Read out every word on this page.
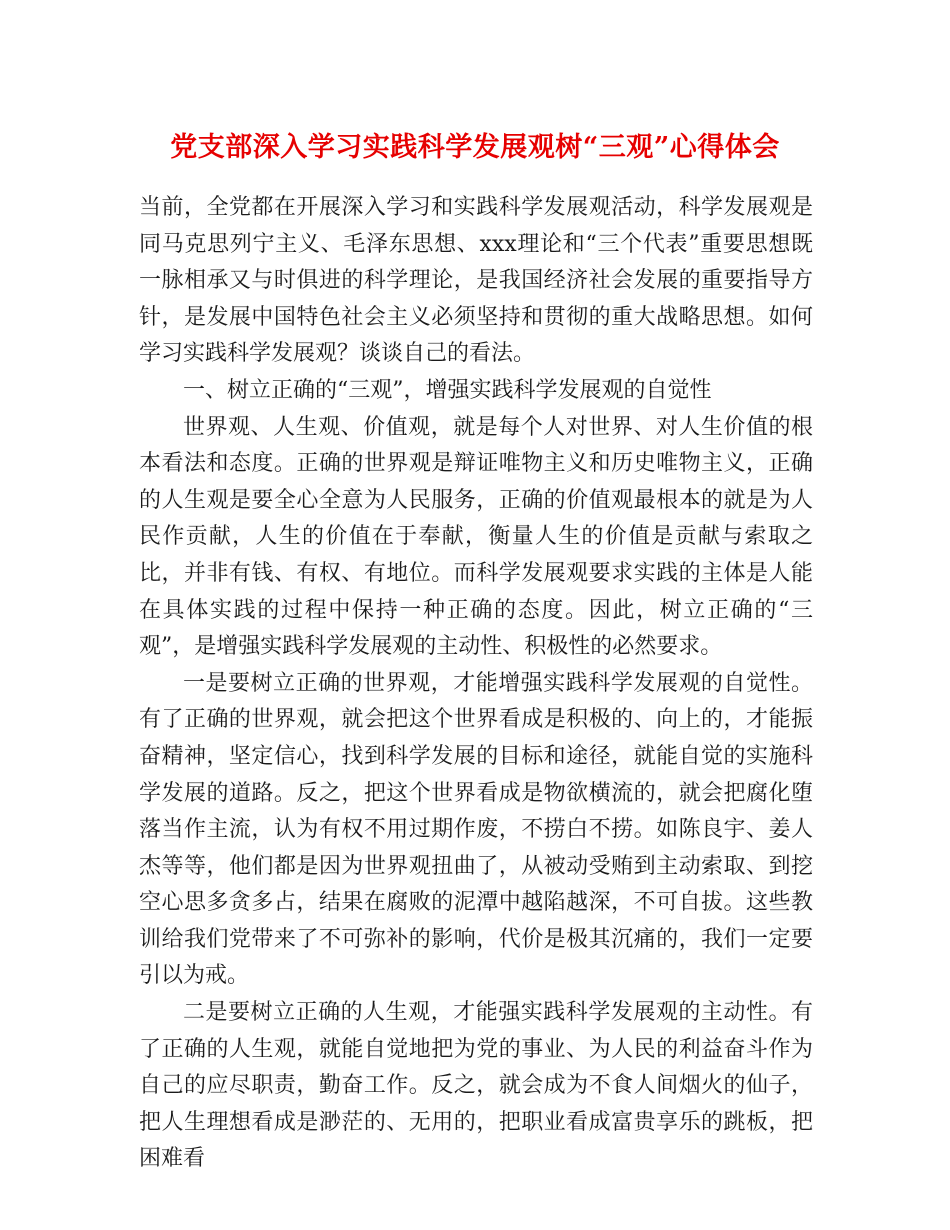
党支部深入学习实践科学发展观树“三观”心得体会

当前，全党都在开展深入学习和实践科学发展观活动，科学发展观是同马克思列宁主义、毛泽东思想、xxx理论和“三个代表”重要思想既一脉相承又与时俱进的科学理论，是我国经济社会发展的重要指导方针，是发展中国特色社会主义必须坚持和贯彻的重大战略思想。如何学习实践科学发展观？谈谈自己的看法。

一、树立正确的“三观”，增强实践科学发展观的自觉性

世界观、人生观、价值观，就是每个人对世界、对人生价值的根本看法和态度。正确的世界观是辩证唯物主义和历史唯物主义，正确的人生观是要全心全意为人民服务，正确的价值观最根本的就是为人民作贡献，人生的价值在于奉献，衡量人生的价值是贡献与索取之比，并非有钱、有权、有地位。而科学发展观要求实践的主体是人能在具体实践的过程中保持一种正确的态度。因此，树立正确的“三观”，是增强实践科学发展观的主动性、积极性的必然要求。

一是要树立正确的世界观，才能增强实践科学发展观的自觉性。有了正确的世界观，就会把这个世界看成是积极的、向上的，才能振奋精神，坚定信心，找到科学发展的目标和途径，就能自觉的实施科学发展的道路。反之，把这个世界看成是物欲横流的，就会把腐化堕落当作主流，认为有权不用过期作废，不捞白不捞。如陈良宇、姜人杰等等，他们都是因为世界观扭曲了，从被动受贿到主动索取、到挖空心思多贪多占，结果在腐败的泥潭中越陷越深，不可自拔。这些教训给我们党带来了不可弥补的影响，代价是极其沉痛的，我们一定要引以为戒。

二是要树立正确的人生观，才能强实践科学发展观的主动性。有了正确的人生观，就能自觉地把为党的事业、为人民的利益奋斗作为自己的应尽职责，勤奋工作。反之，就会成为不食人间烟火的仙子，把人生理想看成是渺茫的、无用的，把职业看成富贵享乐的跳板，把困难看
